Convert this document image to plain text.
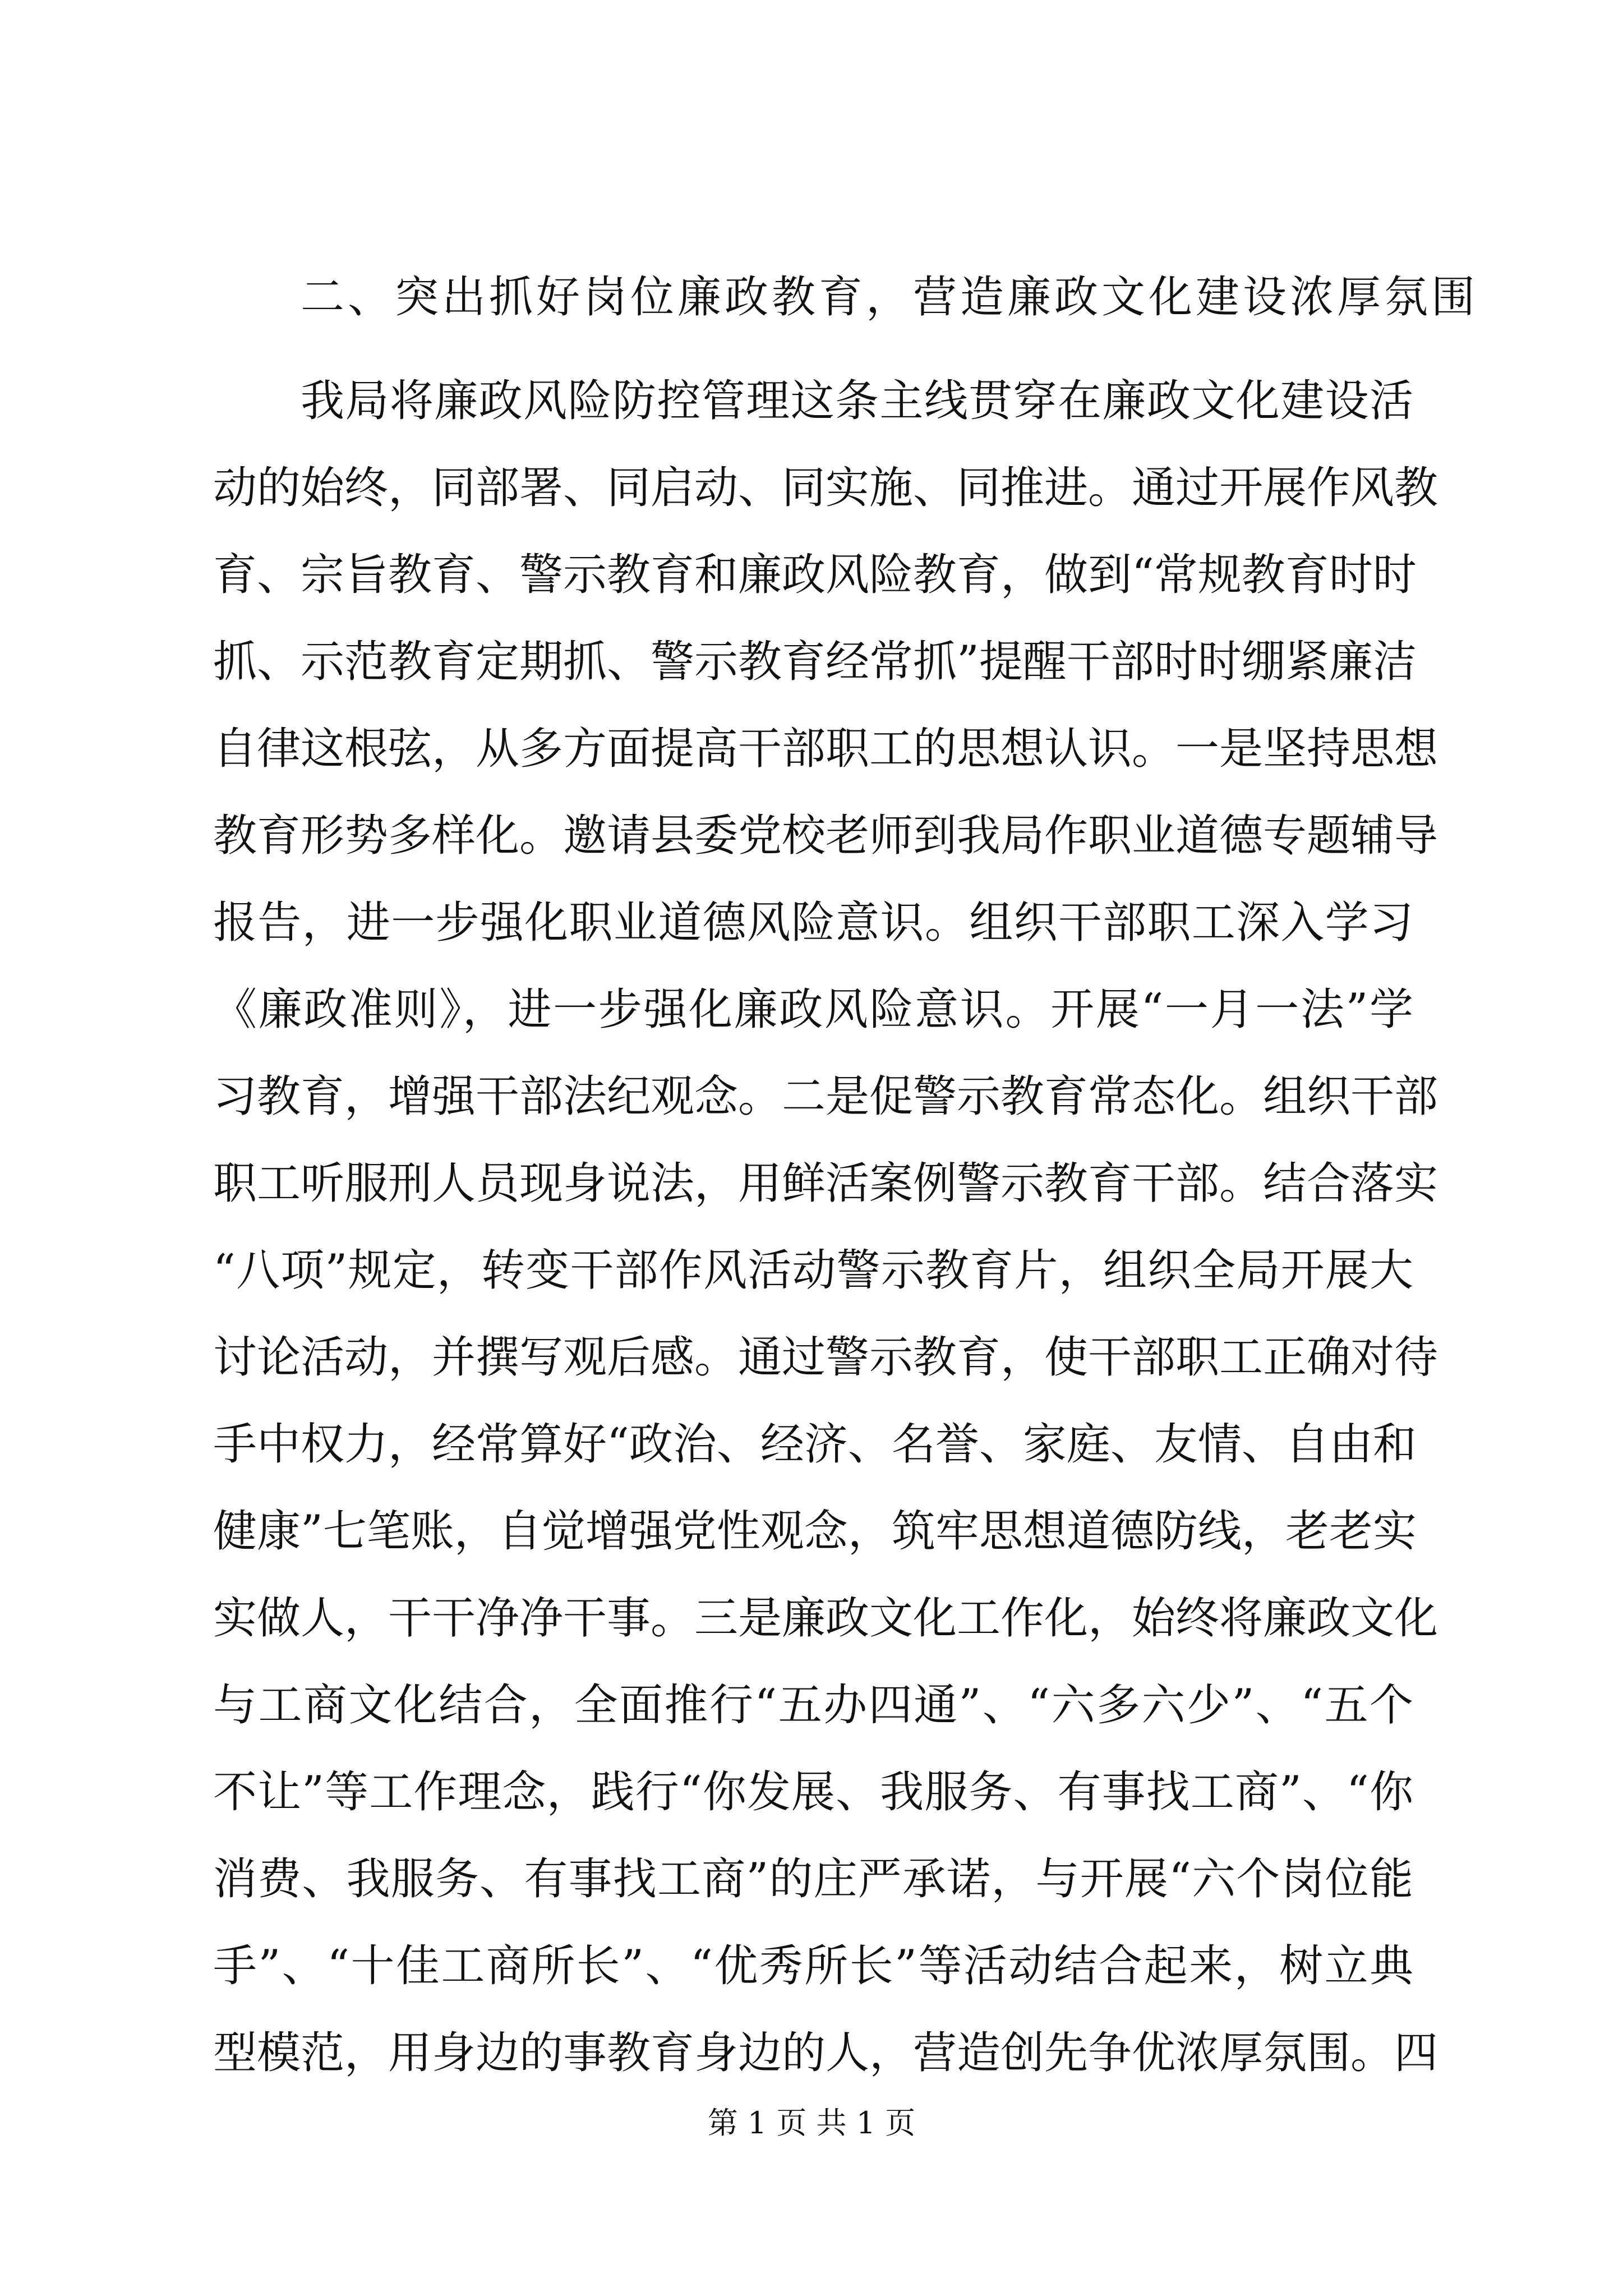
二、突出抓好岗位廉政教育，营造廉政文化建设浓厚氛围

我局将廉政风险防控管理这条主线贯穿在廉政文化建设活

动的始终，同部署、同启动、同实施、同推进。通过开展作风教

育、宗旨教育、警示教育和廉政风险教育，做到“常规教育时时

抓、示范教育定期抓、警示教育经常抓”提醒干部时时绷紧廉洁

自律这根弦，从多方面提高干部职工的思想认识。一是坚持思想

教育形势多样化。邀请县委党校老师到我局作职业道德专题辅导

报告，进一步强化职业道德风险意识。组织干部职工深入学习

《廉政准则》，进一步强化廉政风险意识。开展“一月一法”学

习教育，增强干部法纪观念。二是促警示教育常态化。组织干部

职工听服刑人员现身说法，用鲜活案例警示教育干部。结合落实

“八项”规定，转变干部作风活动警示教育片，组织全局开展大

讨论活动，并撰写观后感。通过警示教育，使干部职工正确对待

手中权力，经常算好“政治、经济、名誉、家庭、友情、自由和

健康”七笔账，自觉增强党性观念，筑牢思想道德防线，老老实

实做人，干干净净干事。三是廉政文化工作化，始终将廉政文化

与工商文化结合，全面推行“五办四通”、“六多六少”、“五个

不让”等工作理念，践行“你发展、我服务、有事找工商”、“你

消费、我服务、有事找工商”的庄严承诺，与开展“六个岗位能

手”、“十佳工商所长”、“优秀所长”等活动结合起来，树立典

型模范，用身边的事教育身边的人，营造创先争优浓厚氛围。四

第 1 页 共 1 页
